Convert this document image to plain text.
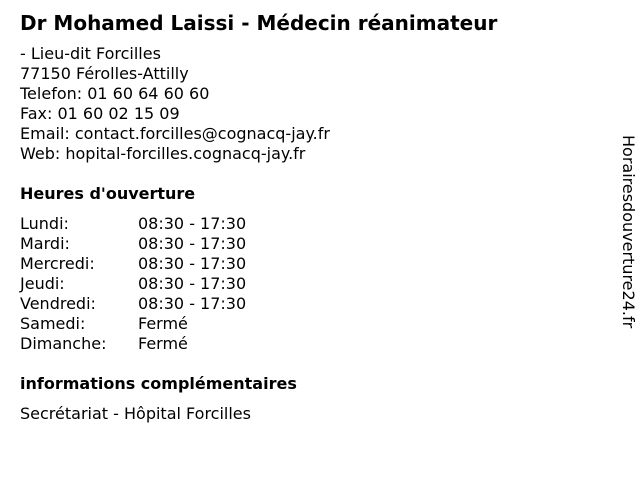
Dr Mohamed Laissi - Médecin réanimateur
- Lieu-dit Forcilles
77150 Férolles-Attilly
Telefon: 01 60 64 60 60
Fax: 01 60 02 15 09
Email: contact.forcilles@cognacq-jay.fr
Web: hopital-forcilles.cognacq-jay.fr
Heures d'ouverture
Lundi:	08:30 - 17:30
Mardi:	08:30 - 17:30
Mercredi:	08:30 - 17:30
Jeudi:	08:30 - 17:30
Vendredi:	08:30 - 17:30
Samedi:	Fermé
Dimanche:	Fermé
informations complémentaires
Secrétariat - Hôpital Forcilles
Horairesdouverture24.fr
